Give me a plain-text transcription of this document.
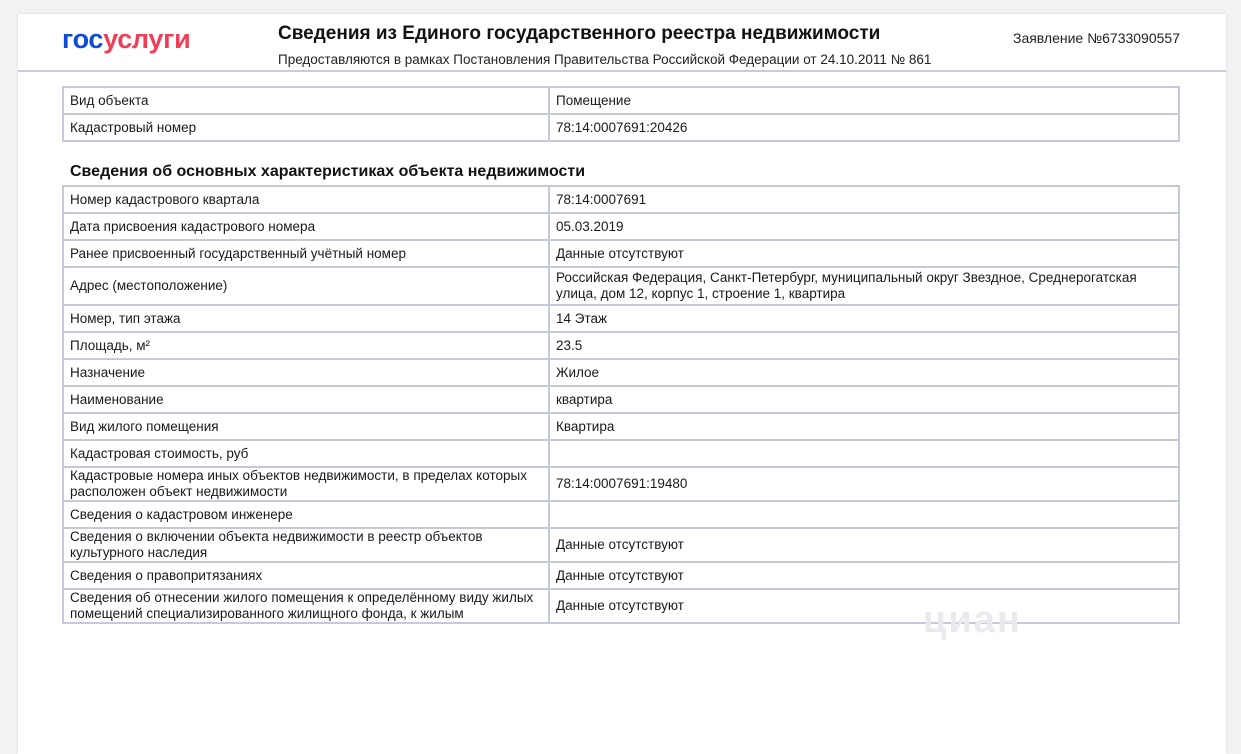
госуслуги	Сведения из Единого государственного реестра недвижимости
Предоставляются в рамках Постановления Правительства Российской Федерации от 24.10.2011 № 861
Заявление №6733090557
Вид объекта	Помещение
Кадастровый номер	78:14:0007691:20426
Сведения об основных характеристиках объекта недвижимости
Номер кадастрового квартала	78:14:0007691
Дата присвоения кадастрового номера	05.03.2019
Ранее присвоенный государственный учётный номер	Данные отсутствуют
Адрес (местоположение)	Российская Федерация, Санкт-Петербург, муниципальный округ Звездное, Среднерогатская улица, дом 12, корпус 1, строение 1, квартира
Номер, тип этажа	14 Этаж
Площадь, м²	23.5
Назначение	Жилое
Наименование	квартира
Вид жилого помещения	Квартира
Кадастровая стоимость, руб	
Кадастровые номера иных объектов недвижимости, в пределах которых расположен объект недвижимости	78:14:0007691:19480
Сведения о кадастровом инженере	
Сведения о включении объекта недвижимости в реестр объектов культурного наследия	Данные отсутствуют
Сведения о правопритязаниях	Данные отсутствуют
Сведения об отнесении жилого помещения к определённому виду жилых помещений специализированного жилищного фонда, к жилым	Данные отсутствуют	циан
